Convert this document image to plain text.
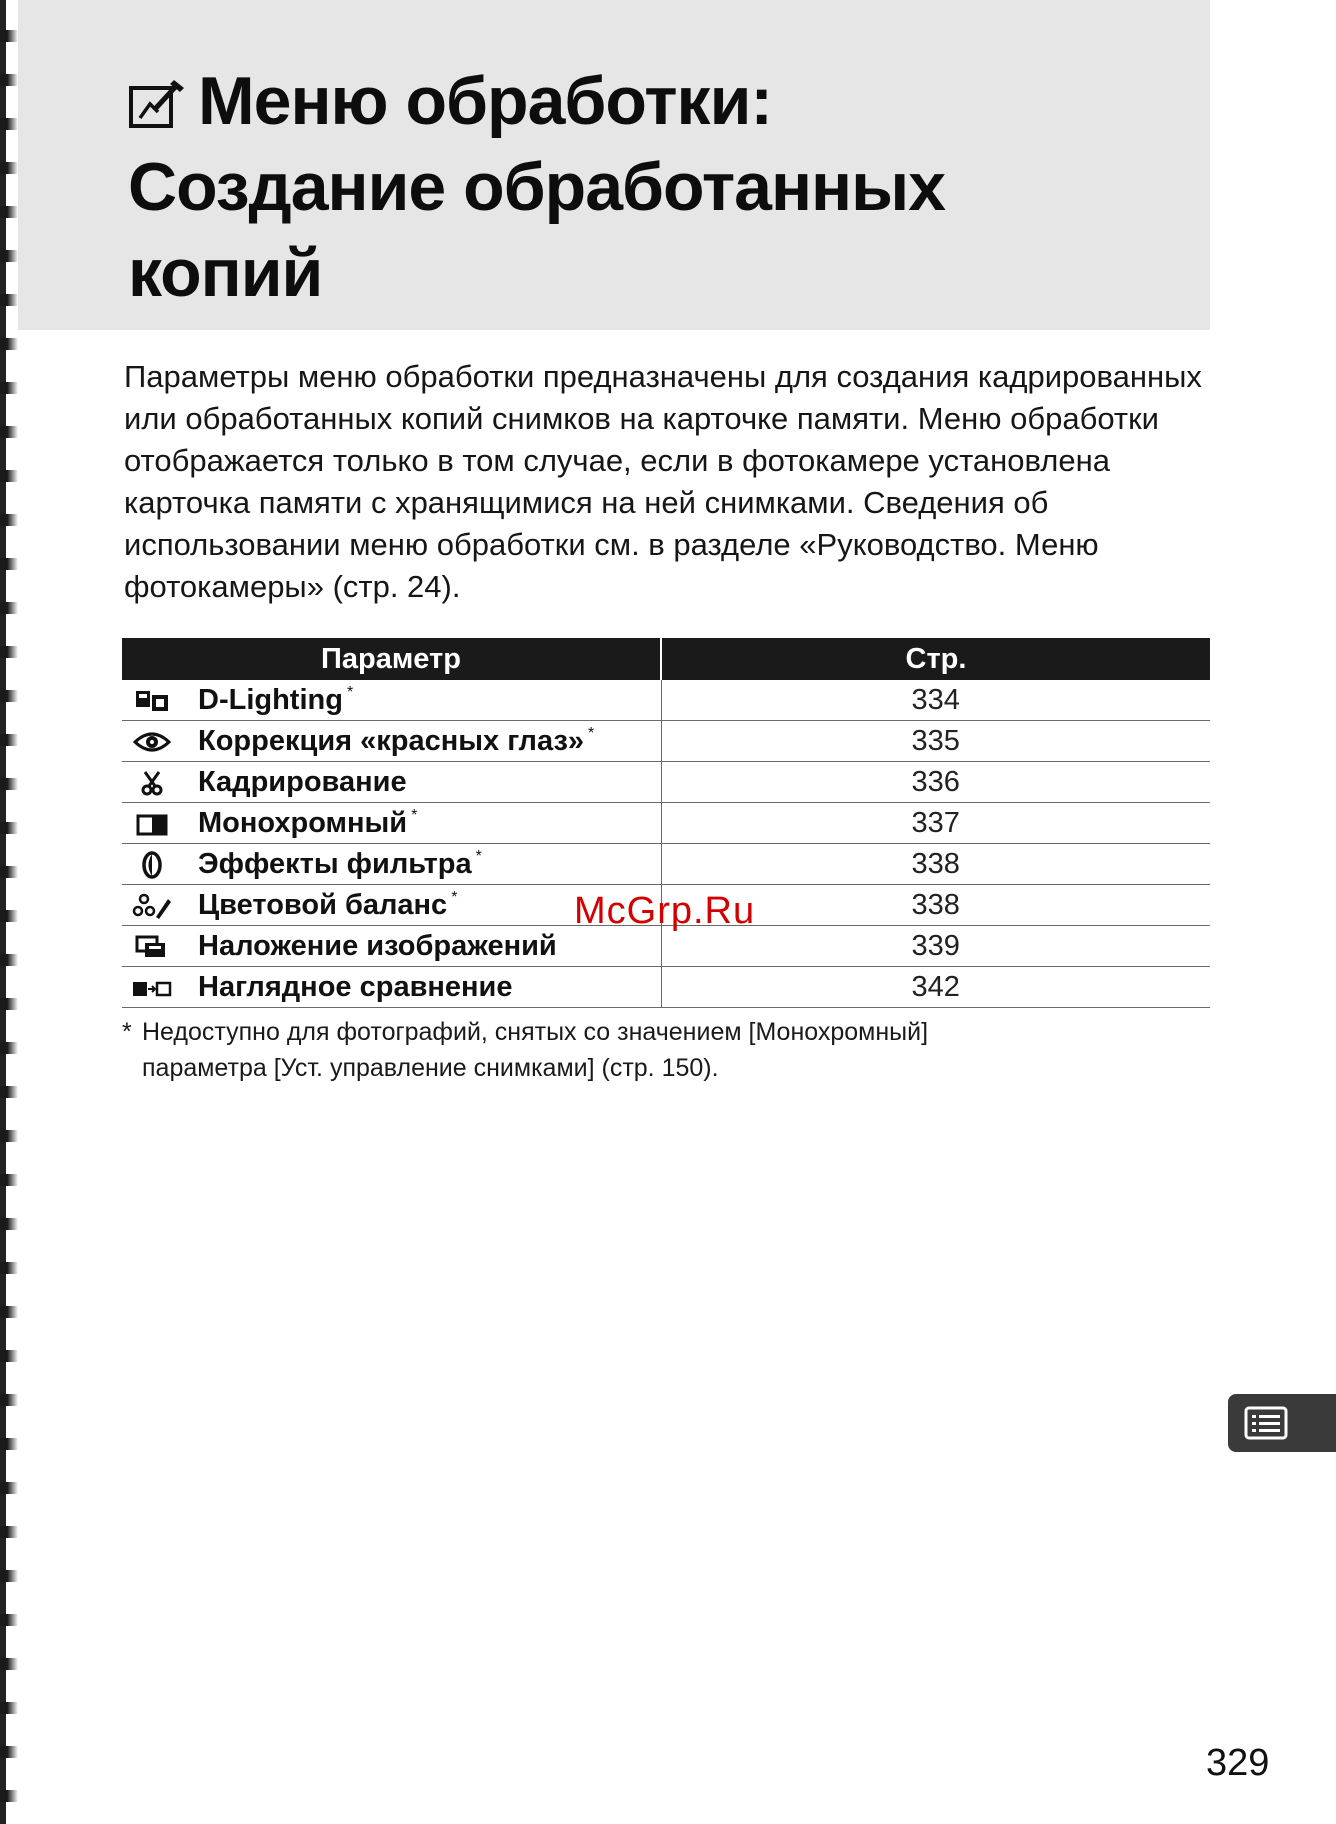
Меню обработки:
Создание обработанных
копий

Параметры меню обработки предназначены для создания кадрированных или обработанных копий снимков на карточке памяти. Меню обработки отображается только в том случае, если в фотокамере установлена карточка памяти с хранящимися на ней снимками. Сведения об использовании меню обработки см. в разделе «Руководство. Меню фотокамеры» (стр. 24).

Параметр	Стр.
D-Lighting *	334
Коррекция «красных глаз» *	335
Кадрирование	336
Монохромный *	337
Эффекты фильтра *	338
Цветовой баланс *	338
Наложение изображений	339
Наглядное сравнение	342

* Недоступно для фотографий, снятых со значением [Монохромный]
параметра [Уст. управление снимками] (стр. 150).

McGrp.Ru
329
